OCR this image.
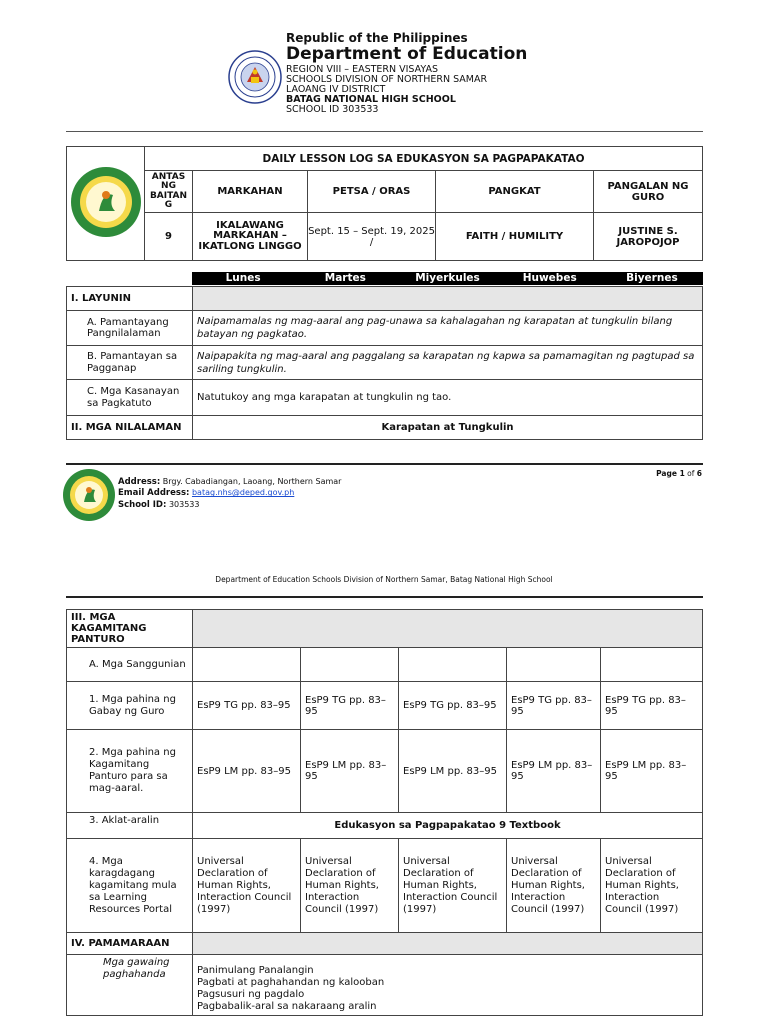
Republic of the Philippines
Department of Education
REGION VIII – EASTERN VISAYAS
SCHOOLS DIVISION OF NORTHERN SAMAR
LAOANG IV DISTRICT
BATAG NATIONAL HIGH SCHOOL
SCHOOL ID 303533
	DAILY LESSON LOG SA EDUKASYON SA PAGPAPAKATAO				
	ANTAS NG BAITAN G	MARKAHAN	PETSA / ORAS	PANGKAT	PANGALAN NG GURO
	9	IKALAWANG MARKAHAN – IKATLONG LINGGO	Sept. 15 – Sept. 19, 2025 /	FAITH / HUMILITY	JUSTINE S. JAROPOJOP
Lunes	Martes	Miyerkules	Huwebes	Biyernes
I. LAYUNIN	
A. Pamantayang Pangnilalaman	Naipamamalas ng mag-aaral ang pag-unawa sa kahalagahan ng karapatan at tungkulin bilang batayan ng pagkatao.
B. Pamantayan sa Pagganap	Naipapakita ng mag-aaral ang paggalang sa karapatan ng kapwa sa pamamagitan ng pagtupad sa sariling tungkulin.
C. Mga Kasanayan sa Pagkatuto	Natutukoy ang mga karapatan at tungkulin ng tao.
II. MGA NILALAMAN	Karapatan at Tungkulin
Address: Brgy. Cabadiangan, Laoang, Northern Samar
Email Address: batag.nhs@deped.gov.ph
School ID: 303533
Page 1 of 6
Department of Education Schools Division of Northern Samar, Batag National High School
III. MGA KAGAMITANG PANTURO					
A. Mga Sanggunian					
1. Mga pahina ng Gabay ng Guro	EsP9 TG pp. 83–95	EsP9 TG pp. 83–95	EsP9 TG pp. 83–95	EsP9 TG pp. 83–95	EsP9 TG pp. 83–95
2. Mga pahina ng Kagamitang Panturo para sa mag-aaral.	EsP9 LM pp. 83–95	EsP9 LM pp. 83–95	EsP9 LM pp. 83–95	EsP9 LM pp. 83–95	EsP9 LM pp. 83–95
3. Aklat-aralin	Edukasyon sa Pagpapakatao 9 Textbook				
4. Mga karagdagang kagamitang mula sa Learning Resources Portal	Universal Declaration of Human Rights, Interaction Council (1997)	Universal Declaration of Human Rights, Interaction Council (1997)	Universal Declaration of Human Rights, Interaction Council (1997)	Universal Declaration of Human Rights, Interaction Council (1997)	Universal Declaration of Human Rights, Interaction Council (1997)
IV. PAMAMARAAN					
Mga gawaing paghahanda	Panimulang Panalangin
Pagbati at paghahandan ng kalooban
Pagsusuri ng pagdalo
Pagbabalik-aral sa nakaraang aralin				
